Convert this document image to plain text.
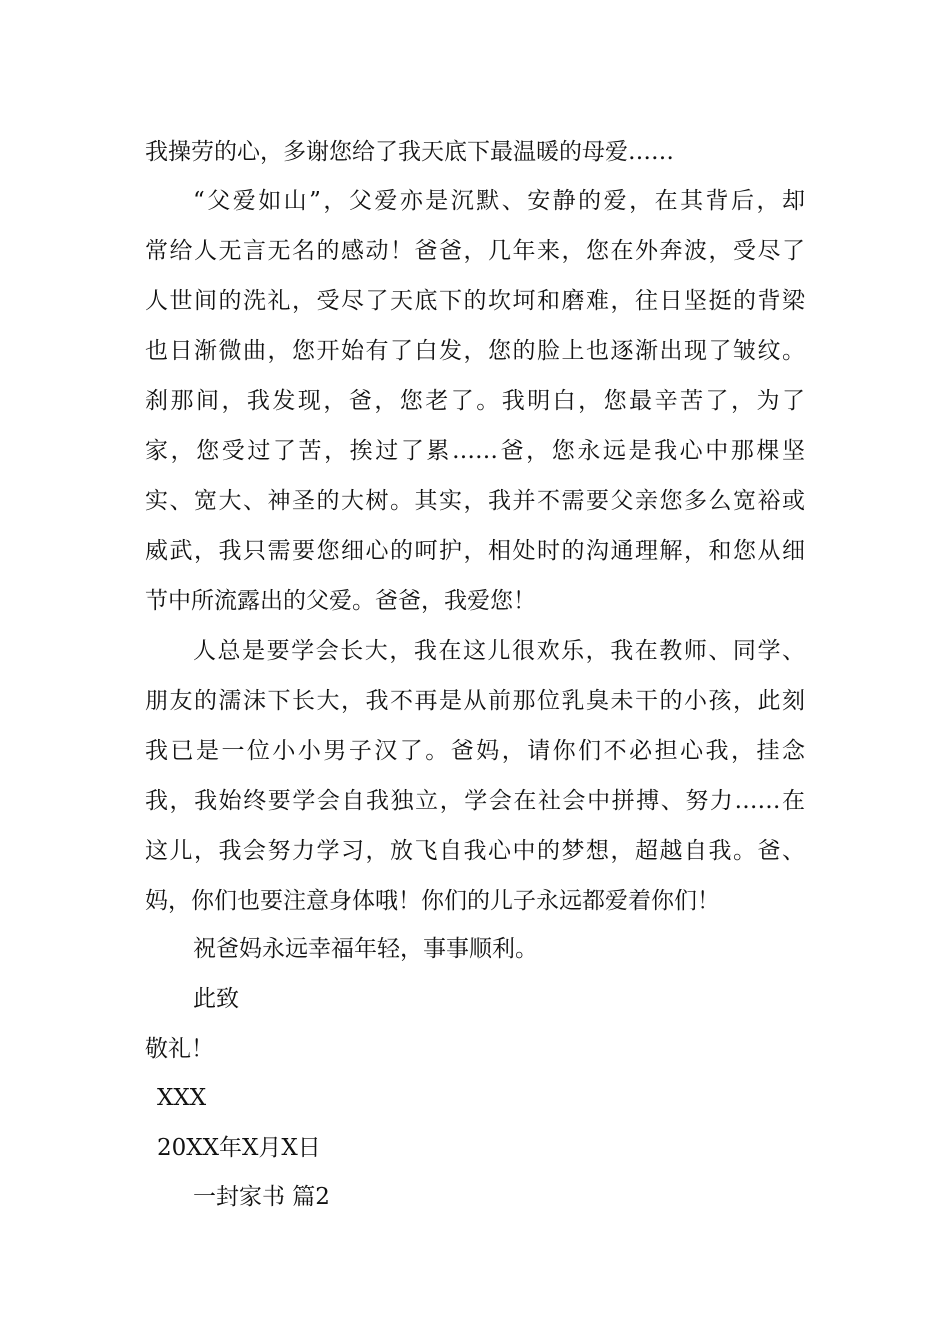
我操劳的心，多谢您给了我天底下最温暖的母爱……
“父爱如山”，父爱亦是沉默、安静的爱，在其背后，却
常给人无言无名的感动！爸爸，几年来，您在外奔波，受尽了
人世间的洗礼，受尽了天底下的坎坷和磨难，往日坚挺的背梁
也日渐微曲，您开始有了白发，您的脸上也逐渐出现了皱纹。
刹那间，我发现，爸，您老了。我明白，您最辛苦了，为了
家，您受过了苦，挨过了累……爸，您永远是我心中那棵坚
实、宽大、神圣的大树。其实，我并不需要父亲您多么宽裕或
威武，我只需要您细心的呵护，相处时的沟通理解，和您从细
节中所流露出的父爱。爸爸，我爱您！
人总是要学会长大，我在这儿很欢乐，我在教师、同学、
朋友的濡沫下长大，我不再是从前那位乳臭未干的小孩，此刻
我已是一位小小男子汉了。爸妈，请你们不必担心我，挂念
我，我始终要学会自我独立，学会在社会中拼搏、努力……在
这儿，我会努力学习，放飞自我心中的梦想，超越自我。爸、
妈，你们也要注意身体哦！你们的儿子永远都爱着你们！
祝爸妈永远幸福年轻，事事顺利。
此致
敬礼！
XXX
20XX年X月X日
一封家书 篇2
